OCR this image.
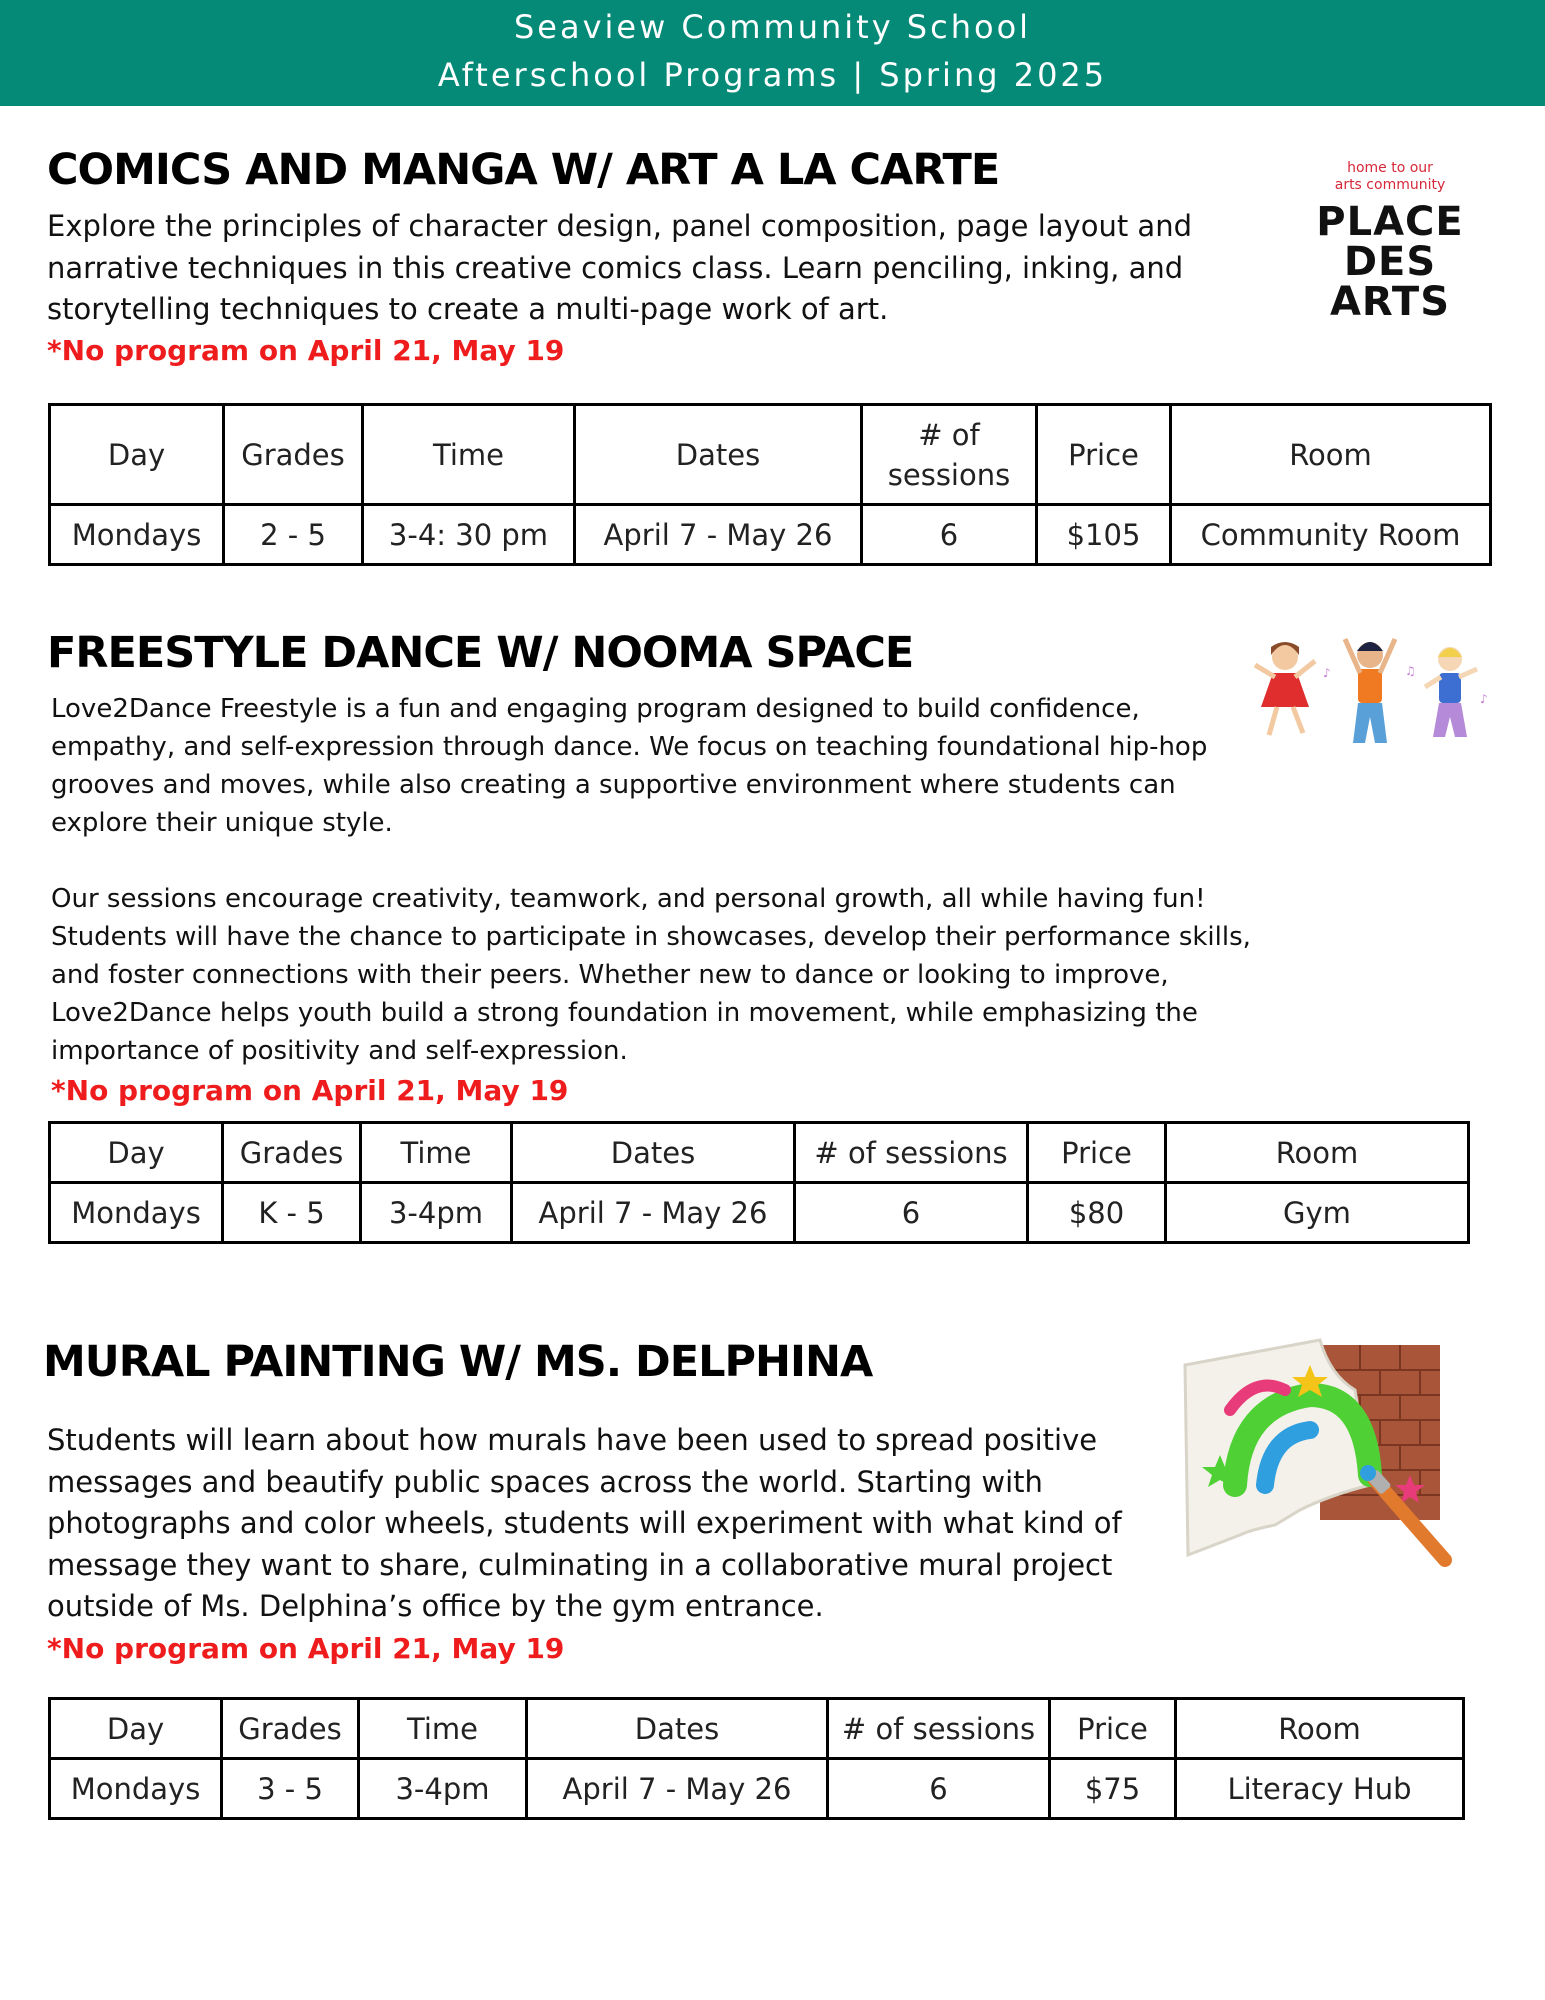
Seaview Community School
Afterschool Programs | Spring 2025
COMICS AND MANGA W/ ART A LA CARTE

Explore the principles of character design, panel composition, page layout and narrative techniques in this creative comics class. Learn penciling, inking, and storytelling techniques to create a multi-page work of art.

*No program on April 21, May 19
home to our
arts community
PLACE
DES
ARTS
Day	Grades	Time	Dates	# of sessions	Price	Room
Mondays	2 - 5	3-4: 30 pm	April 7 - May 26	6	$105	Community Room
FREESTYLE DANCE W/ NOOMA SPACE

Love2Dance Freestyle is a fun and engaging program designed to build confidence, empathy, and self-expression through dance. We focus on teaching foundational hip-hop grooves and moves, while also creating a supportive environment where students can explore their unique style.

Our sessions encourage creativity, teamwork, and personal growth, all while having fun! Students will have the chance to participate in showcases, develop their performance skills, and foster connections with their peers. Whether new to dance or looking to improve, Love2Dance helps youth build a strong foundation in movement, while emphasizing the importance of positivity and self-expression.

*No program on April 21, May 19
♪	♫
♪
Day	Grades	Time	Dates	# of sessions	Price	Room
Mondays	K - 5	3-4pm	April 7 - May 26	6	$80	Gym
MURAL PAINTING W/ MS. DELPHINA

Students will learn about how murals have been used to spread positive messages and beautify public spaces across the world. Starting with photographs and color wheels, students will experiment with what kind of message they want to share, culminating in a collaborative mural project outside of Ms. Delphina’s office by the gym entrance.

*No program on April 21, May 19
Day	Grades	Time	Dates	# of sessions	Price	Room
Mondays	3 - 5	3-4pm	April 7 - May 26	6	$75	Literacy Hub
